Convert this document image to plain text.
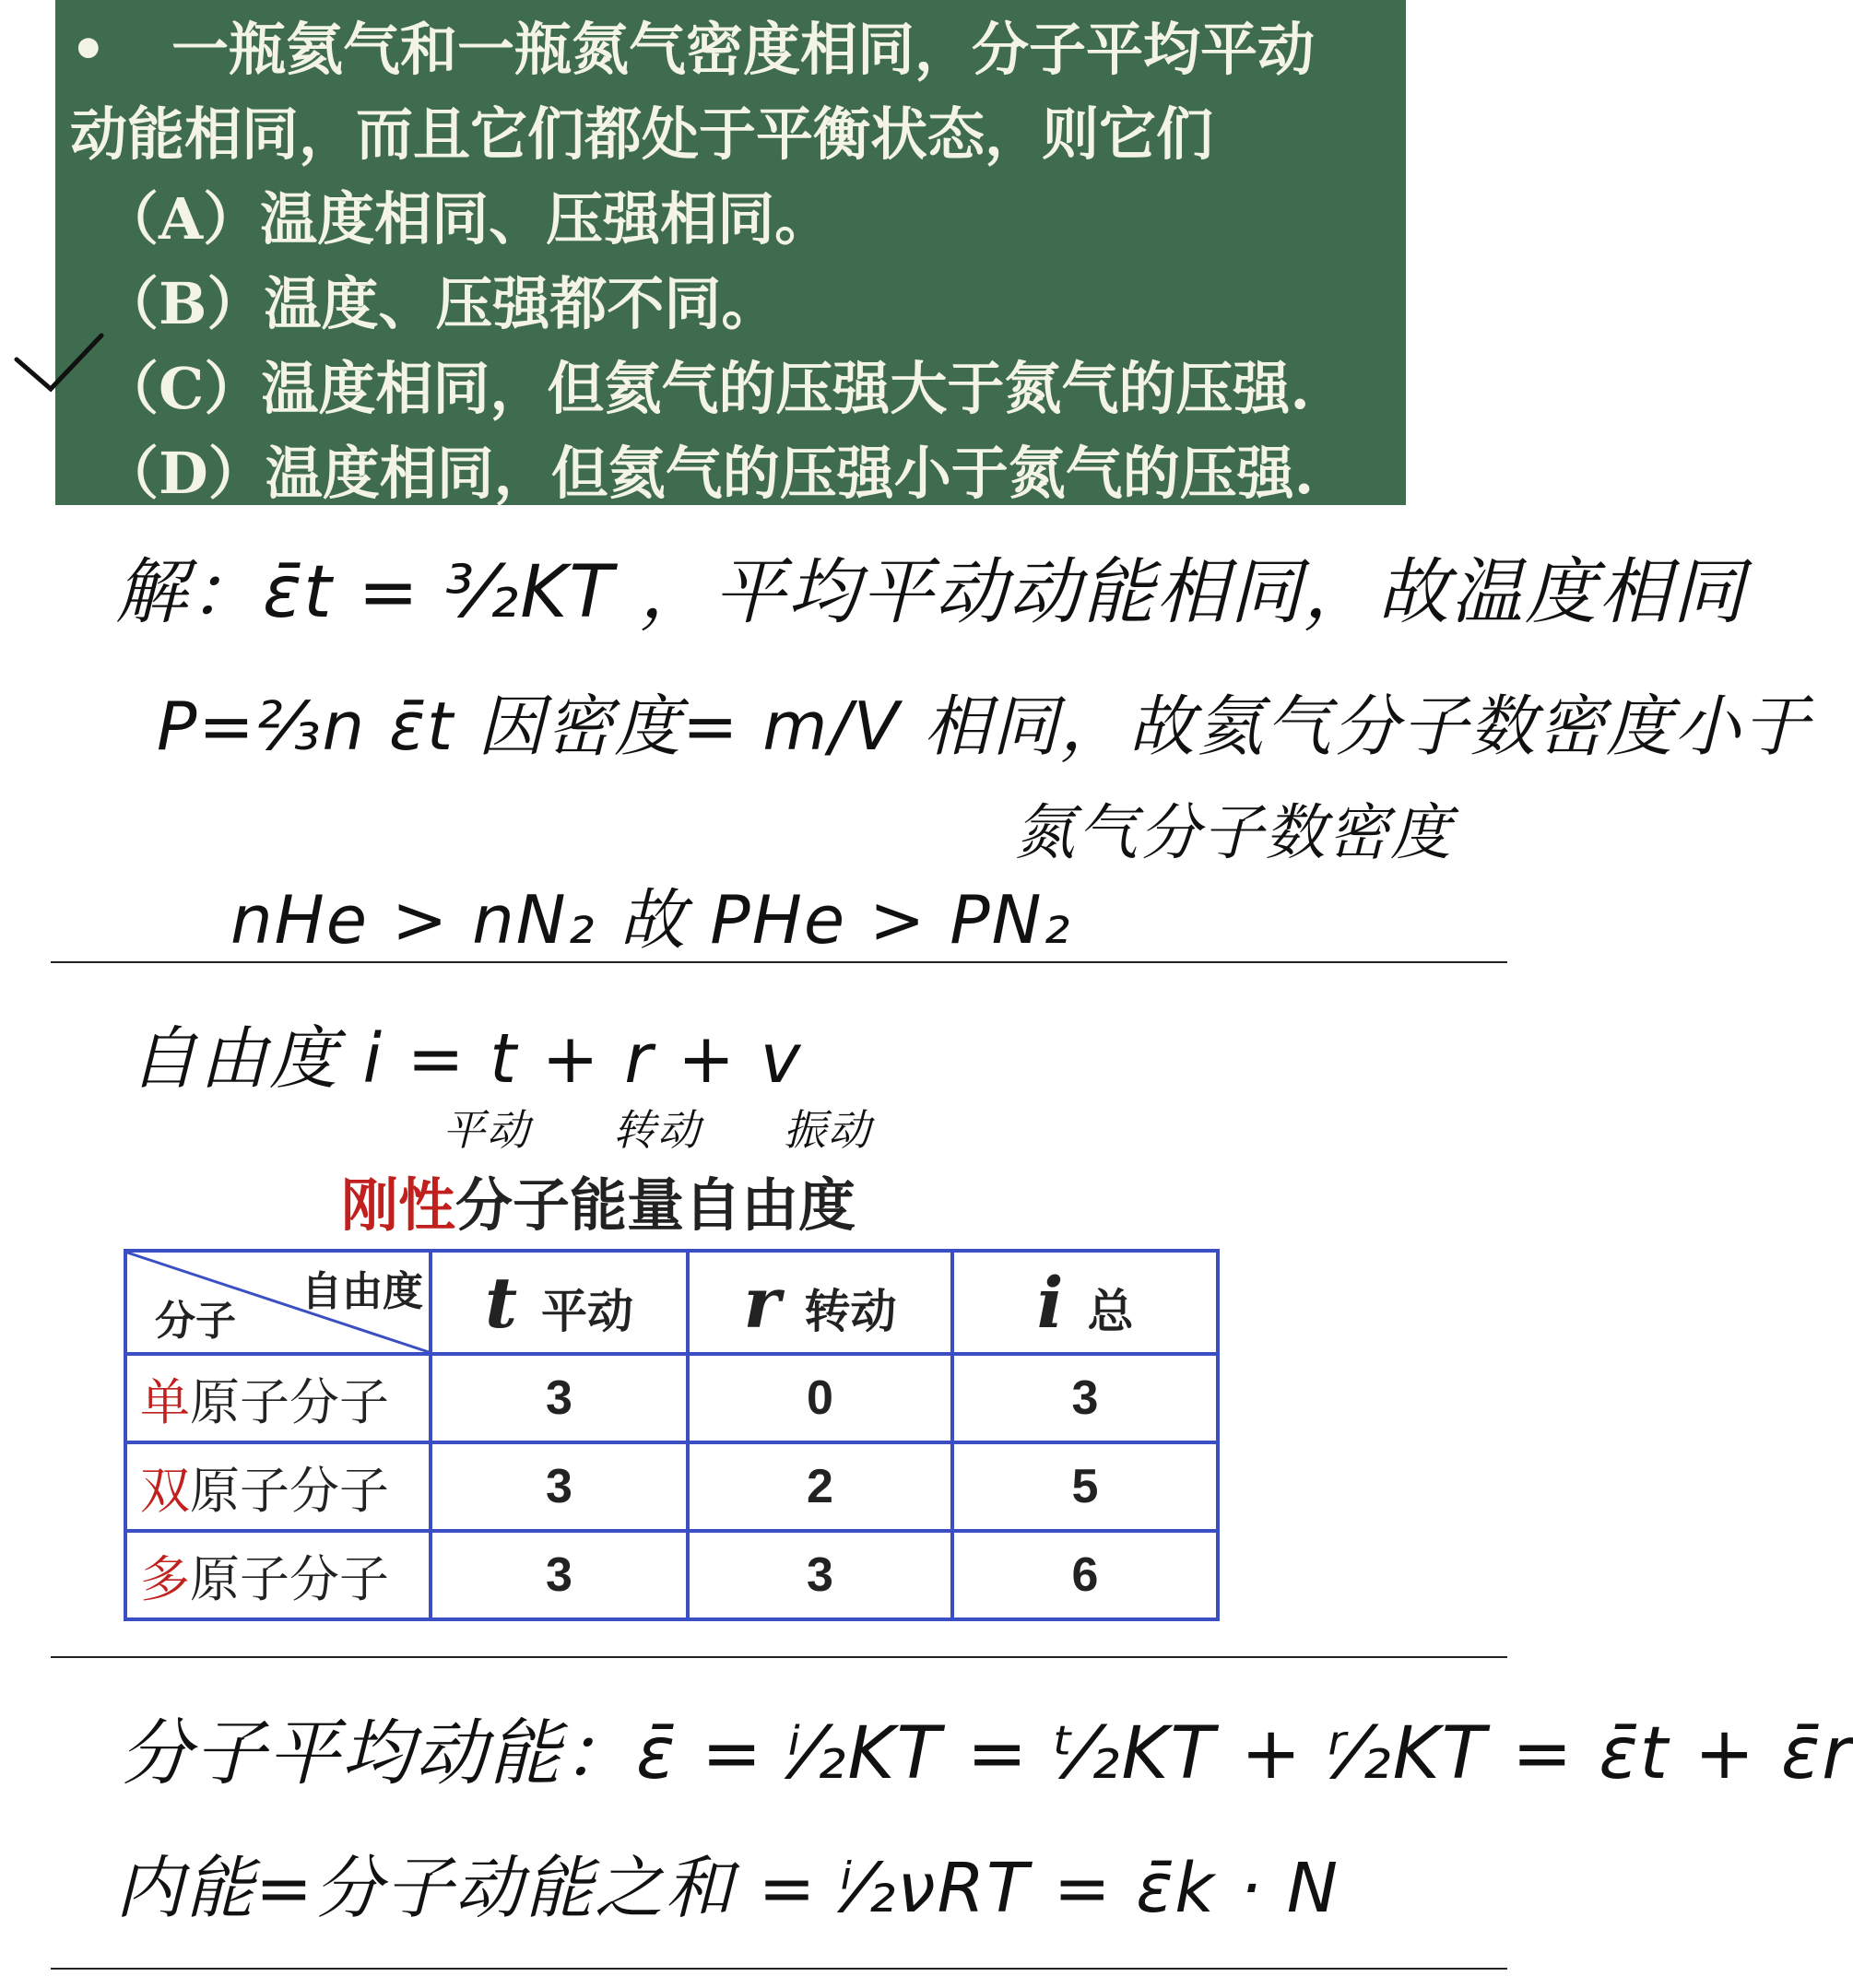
• 一瓶氦气和一瓶氮气密度相同，分子平均平动
动能相同，而且它们都处于平衡状态，则它们
（A）温度相同、压强相同。
（B）温度、压强都不同。
（C）温度相同，但氦气的压强大于氮气的压强.
（D）温度相同，但氦气的压强小于氮气的压强.
解：ε̄t = ³⁄₂KT ，平均平动动能相同，故温度相同
P=⅔n ε̄t 因密度= m/V 相同，故氦气分子数密度小于
氮气分子数密度
nHe > nN₂ 故 PHe > PN₂
自由度 i = t + r + v
平动 转动 振动
刚性分子能量自由度
自由度
分子	t 平动	r 转动	i 总
单原子分子	3	0	3
双原子分子	3	2	5
多原子分子	3	3	6
分子平均动能：ε̄ = ⁱ⁄₂KT = ᵗ⁄₂KT + ʳ⁄₂KT = ε̄t + ε̄r
内能=分子动能之和 = ⁱ⁄₂νRT = ε̄k · N
